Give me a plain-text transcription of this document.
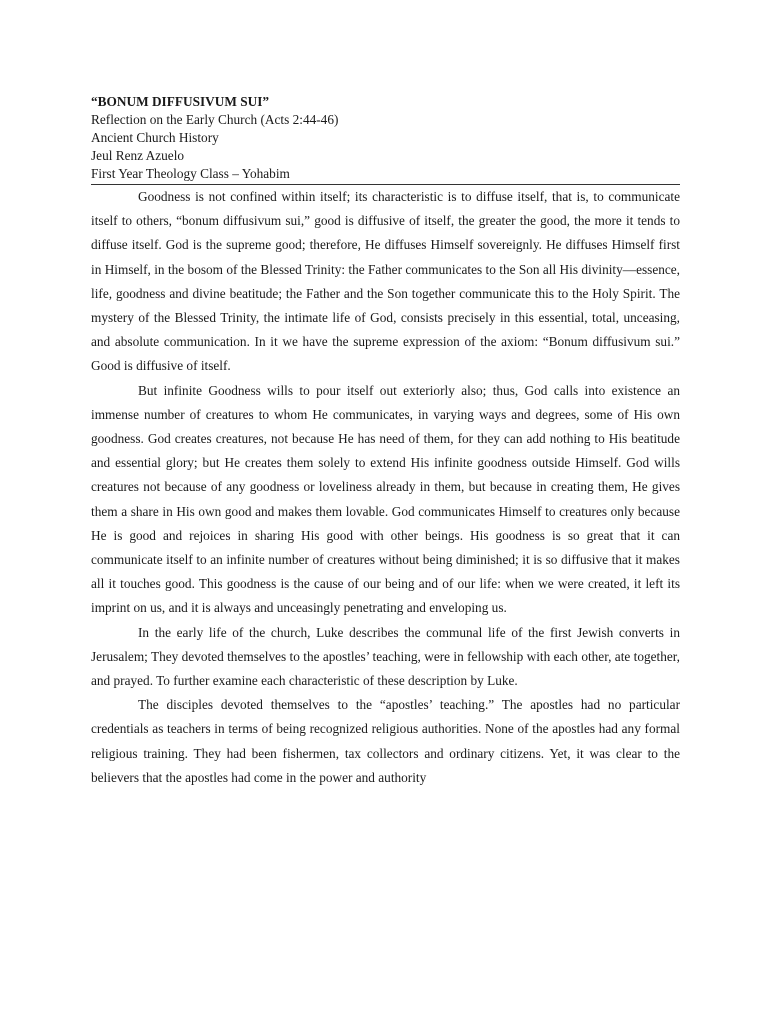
“BONUM DIFFUSIVUM SUI”
Reflection on the Early Church (Acts 2:44-46)
Ancient Church History
Jeul Renz Azuelo
First Year Theology Class – Yohabim

Goodness is not confined within itself; its characteristic is to diffuse itself, that is, to communicate itself to others, “bonum diffusivum sui,” good is diffusive of itself, the greater the good, the more it tends to diffuse itself. God is the supreme good; therefore, He diffuses Himself sovereignly. He diffuses Himself first in Himself, in the bosom of the Blessed Trinity: the Father communicates to the Son all His divinity—essence, life, goodness and divine beatitude; the Father and the Son together communicate this to the Holy Spirit. The mystery of the Blessed Trinity, the intimate life of God, consists precisely in this essential, total, unceasing, and absolute communication. In it we have the supreme expression of the axiom: “Bonum diffusivum sui.” Good is diffusive of itself.

But infinite Goodness wills to pour itself out exteriorly also; thus, God calls into existence an immense number of creatures to whom He communicates, in varying ways and degrees, some of His own goodness. God creates creatures, not because He has need of them, for they can add nothing to His beatitude and essential glory; but He creates them solely to extend His infinite goodness outside Himself. God wills creatures not because of any goodness or loveliness already in them, but because in creating them, He gives them a share in His own good and makes them lovable. God communicates Himself to creatures only because He is good and rejoices in sharing His good with other beings. His goodness is so great that it can communicate itself to an infinite number of creatures without being diminished; it is so diffusive that it makes all it touches good. This goodness is the cause of our being and of our life: when we were created, it left its imprint on us, and it is always and unceasingly penetrating and enveloping us.

In the early life of the church, Luke describes the communal life of the first Jewish converts in Jerusalem; They devoted themselves to the apostles’ teaching, were in fellowship with each other, ate together, and prayed. To further examine each characteristic of these description by Luke.

The disciples devoted themselves to the “apostles’ teaching.” The apostles had no particular credentials as teachers in terms of being recognized religious authorities. None of the apostles had any formal religious training. They had been fishermen, tax collectors and ordinary citizens. Yet, it was clear to the believers that the apostles had come in the power and authority
